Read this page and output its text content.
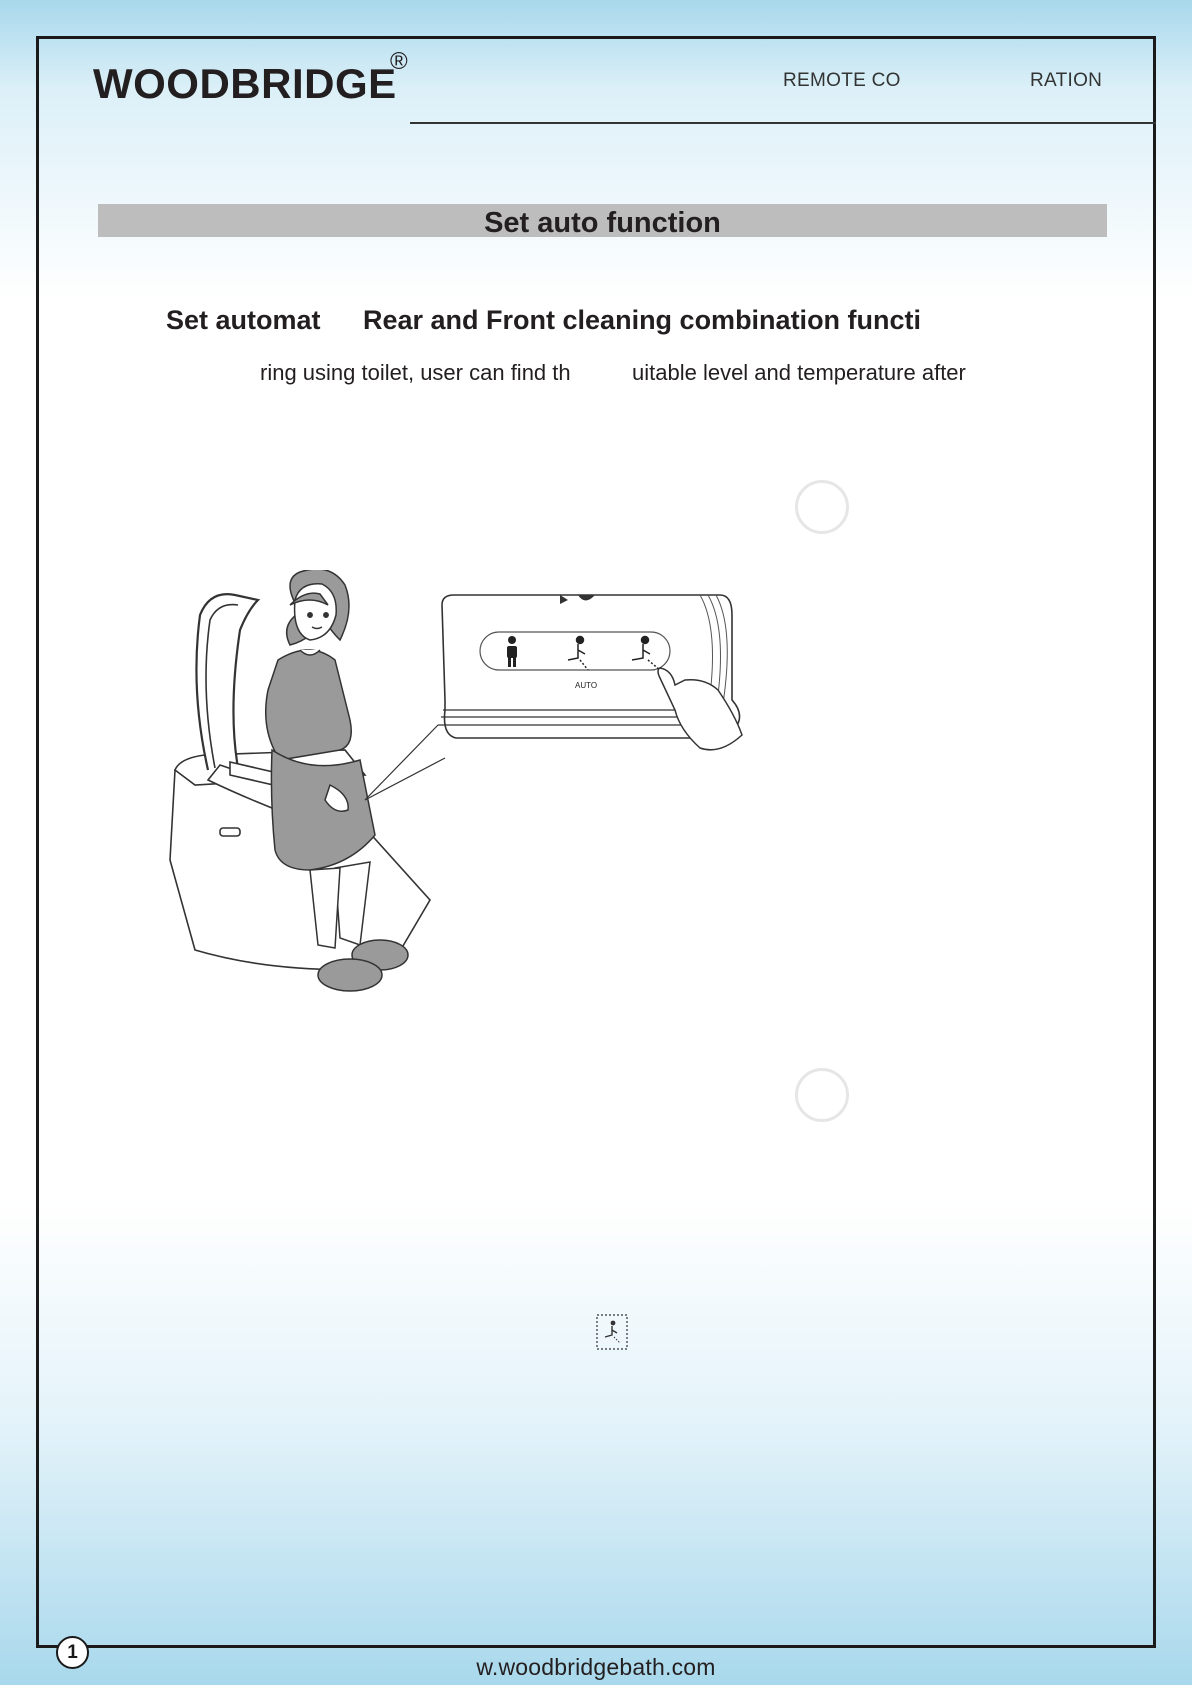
WOODBRIDGE
®
REMOTE CO	RATION
Set auto function
Set automat Rear and Front cleaning combination functi
ring using toilet, user can find th	uitable level and temperature after
AUTO
1
w.woodbridgebath.com
